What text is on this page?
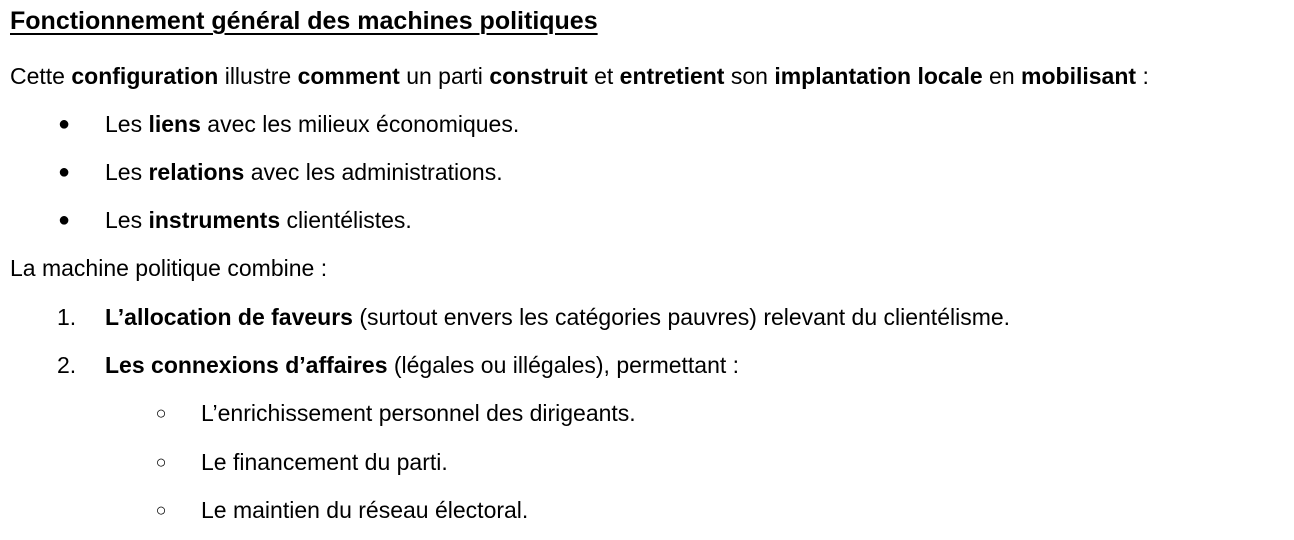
Fonctionnement général des machines politiques
Cette configuration illustre comment un parti construit et entretient son implantation locale en mobilisant :
● Les liens avec les milieux économiques.
● Les relations avec les administrations.
● Les instruments clientélistes.
La machine politique combine :
1.	L’allocation de faveurs (surtout envers les catégories pauvres) relevant du clientélisme.
2.	Les connexions d’affaires (légales ou illégales), permettant :
○ L’enrichissement personnel des dirigeants.
○ Le financement du parti.
○ Le maintien du réseau électoral.
